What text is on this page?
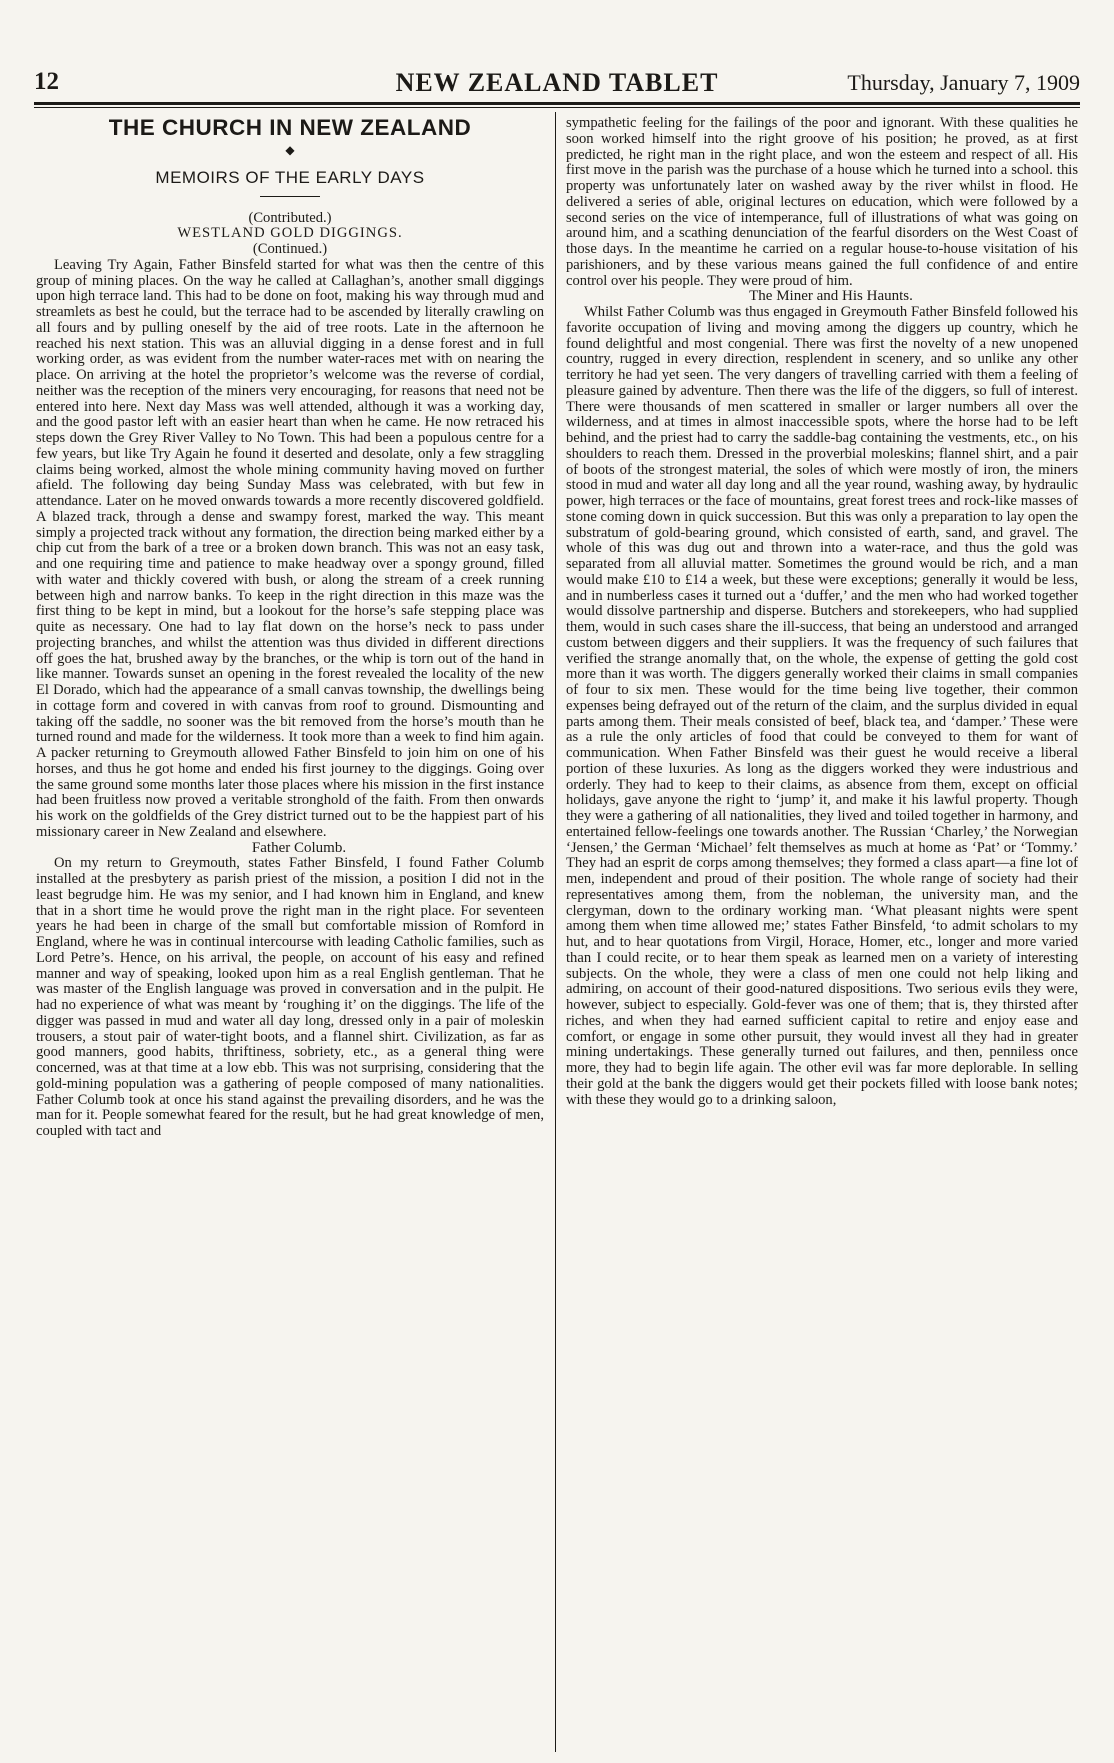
12	NEW ZEALAND TABLET	Thursday, January 7, 1909
THE CHURCH IN NEW ZEALAND
◆
MEMOIRS OF THE EARLY DAYS

(Contributed.)

WESTLAND GOLD DIGGINGS.

(Continued.)

Leaving Try Again, Father Binsfeld started for what was then the centre of this group of mining places. On the way he called at Callaghan’s, another small diggings upon high terrace land. This had to be done on foot, making his way through mud and streamlets as best he could, but the terrace had to be ascended by literally crawling on all fours and by pulling oneself by the aid of tree roots. Late in the afternoon he reached his next station. This was an alluvial digging in a dense forest and in full working order, as was evident from the number water-races met with on nearing the place. On arriving at the hotel the proprietor’s welcome was the reverse of cordial, neither was the reception of the miners very encouraging, for reasons that need not be entered into here. Next day Mass was well attended, although it was a working day, and the good pastor left with an easier heart than when he came. He now retraced his steps down the Grey River Valley to No Town. This had been a populous centre for a few years, but like Try Again he found it deserted and desolate, only a few straggling claims being worked, almost the whole mining community having moved on further afield. The following day being Sunday Mass was celebrated, with but few in attendance. Later on he moved onwards towards a more recently discovered goldfield. A blazed track, through a dense and swampy forest, marked the way. This meant simply a projected track without any formation, the direction being marked either by a chip cut from the bark of a tree or a broken down branch. This was not an easy task, and one requiring time and patience to make headway over a spongy ground, filled with water and thickly covered with bush, or along the stream of a creek running between high and narrow banks. To keep in the right direction in this maze was the first thing to be kept in mind, but a lookout for the horse’s safe stepping place was quite as necessary. One had to lay flat down on the horse’s neck to pass under projecting branches, and whilst the attention was thus divided in different directions off goes the hat, brushed away by the branches, or the whip is torn out of the hand in like manner. Towards sunset an opening in the forest revealed the locality of the new El Dorado, which had the appearance of a small canvas township, the dwellings being in cottage form and covered in with canvas from roof to ground. Dismounting and taking off the saddle, no sooner was the bit removed from the horse’s mouth than he turned round and made for the wilderness. It took more than a week to find him again. A packer returning to Greymouth allowed Father Binsfeld to join him on one of his horses, and thus he got home and ended his first journey to the diggings. Going over the same ground some months later those places where his mission in the first instance had been fruitless now proved a veritable stronghold of the faith. From then onwards his work on the goldfields of the Grey district turned out to be the happiest part of his missionary career in New Zealand and elsewhere.

Father Columb.

On my return to Greymouth, states Father Binsfeld, I found Father Columb installed at the presbytery as parish priest of the mission, a position I did not in the least begrudge him. He was my senior, and I had known him in England, and knew that in a short time he would prove the right man in the right place. For seventeen years he had been in charge of the small but comfortable mission of Romford in England, where he was in continual intercourse with leading Catholic families, such as Lord Petre’s. Hence, on his arrival, the people, on account of his easy and refined manner and way of speaking, looked upon him as a real English gentleman. That he was master of the English language was proved in conversation and in the pulpit. He had no experience of what was meant by ‘roughing it’ on the diggings. The life of the digger was passed in mud and water all day long, dressed only in a pair of moleskin trousers, a stout pair of water-tight boots, and a flannel shirt. Civilization, as far as good manners, good habits, thriftiness, sobriety, etc., as a general thing were concerned, was at that time at a low ebb. This was not surprising, considering that the gold-mining population was a gathering of people composed of many nationalities. Father Columb took at once his stand against the prevailing disorders, and he was the man for it. People somewhat feared for the result, but he had great knowledge of men, coupled with tact and

sympathetic feeling for the failings of the poor and ignorant. With these qualities he soon worked himself into the right groove of his position; he proved, as at first predicted, he right man in the right place, and won the esteem and respect of all. His first move in the parish was the purchase of a house which he turned into a school. this property was unfortunately later on washed away by the river whilst in flood. He delivered a series of able, original lectures on education, which were followed by a second series on the vice of intemperance, full of illustrations of what was going on around him, and a scathing denunciation of the fearful disorders on the West Coast of those days. In the meantime he carried on a regular house-to-house visitation of his parishioners, and by these various means gained the full confidence of and entire control over his people. They were proud of him.

The Miner and His Haunts.

Whilst Father Columb was thus engaged in Greymouth Father Binsfeld followed his favorite occupation of living and moving among the diggers up country, which he found delightful and most congenial. There was first the novelty of a new unopened country, rugged in every direction, resplendent in scenery, and so unlike any other territory he had yet seen. The very dangers of travelling carried with them a feeling of pleasure gained by adventure. Then there was the life of the diggers, so full of interest. There were thousands of men scattered in smaller or larger numbers all over the wilderness, and at times in almost inaccessible spots, where the horse had to be left behind, and the priest had to carry the saddle-bag containing the vestments, etc., on his shoulders to reach them. Dressed in the proverbial moleskins; flannel shirt, and a pair of boots of the strongest material, the soles of which were mostly of iron, the miners stood in mud and water all day long and all the year round, washing away, by hydraulic power, high terraces or the face of mountains, great forest trees and rock-like masses of stone coming down in quick succession. But this was only a preparation to lay open the substratum of gold-bearing ground, which consisted of earth, sand, and gravel. The whole of this was dug out and thrown into a water-race, and thus the gold was separated from all alluvial matter. Sometimes the ground would be rich, and a man would make £10 to £14 a week, but these were exceptions; generally it would be less, and in numberless cases it turned out a ‘duffer,’ and the men who had worked together would dissolve partnership and disperse. Butchers and storekeepers, who had supplied them, would in such cases share the ill-success, that being an understood and arranged custom between diggers and their suppliers. It was the frequency of such failures that verified the strange anomally that, on the whole, the expense of getting the gold cost more than it was worth. The diggers generally worked their claims in small companies of four to six men. These would for the time being live together, their common expenses being defrayed out of the return of the claim, and the surplus divided in equal parts among them. Their meals consisted of beef, black tea, and ‘damper.’ These were as a rule the only articles of food that could be conveyed to them for want of communication. When Father Binsfeld was their guest he would receive a liberal portion of these luxuries. As long as the diggers worked they were industrious and orderly. They had to keep to their claims, as absence from them, except on official holidays, gave anyone the right to ‘jump’ it, and make it his lawful property. Though they were a gathering of all nationalities, they lived and toiled together in harmony, and entertained fellow-feelings one towards another. The Russian ‘Charley,’ the Norwegian ‘Jensen,’ the German ‘Michael’ felt themselves as much at home as ‘Pat’ or ‘Tommy.’ They had an esprit de corps among themselves; they formed a class apart—a fine lot of men, independent and proud of their position. The whole range of society had their representatives among them, from the nobleman, the university man, and the clergyman, down to the ordinary working man. ‘What pleasant nights were spent among them when time allowed me;’ states Father Binsfeld, ‘to admit scholars to my hut, and to hear quotations from Virgil, Horace, Homer, etc., longer and more varied than I could recite, or to hear them speak as learned men on a variety of interesting subjects. On the whole, they were a class of men one could not help liking and admiring, on account of their good-natured dispositions. Two serious evils they were, however, subject to especially. Gold-fever was one of them; that is, they thirsted after riches, and when they had earned sufficient capital to retire and enjoy ease and comfort, or engage in some other pursuit, they would invest all they had in greater mining undertakings. These generally turned out failures, and then, penniless once more, they had to begin life again. The other evil was far more deplorable. In selling their gold at the bank the diggers would get their pockets filled with loose bank notes; with these they would go to a drinking saloon,
